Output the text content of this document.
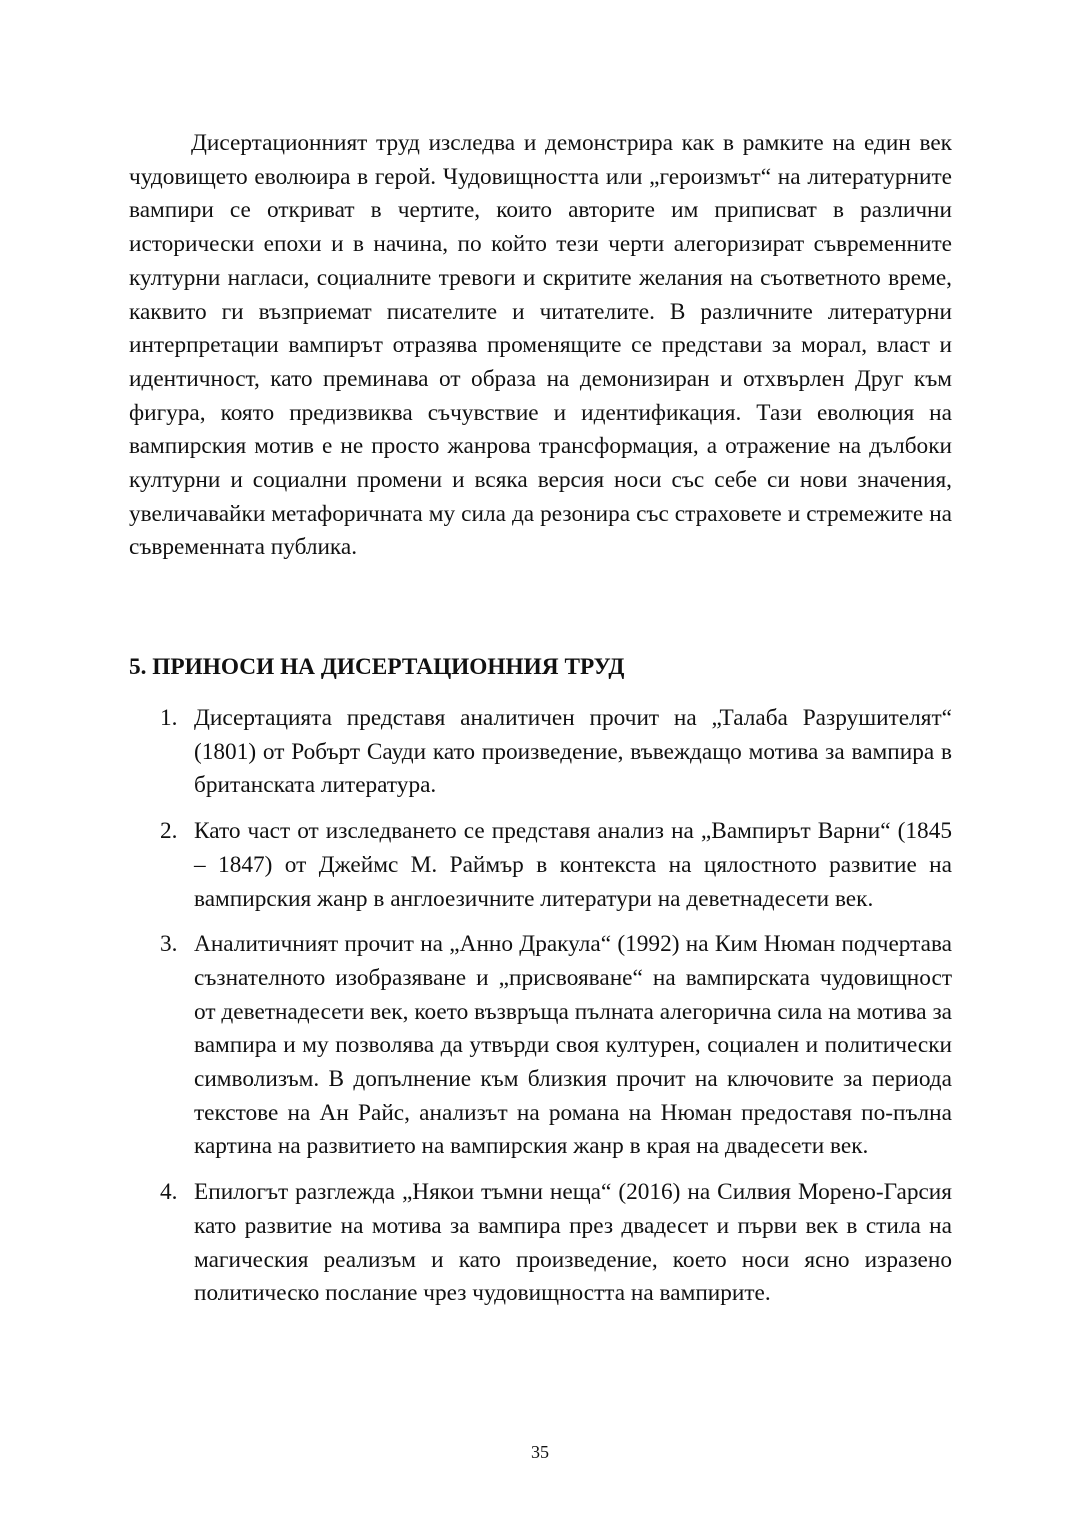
Дисертационният труд изследва и демонстрира как в рамките на един век чудовището еволюира в герой. Чудовищността или „героизмът“ на литературните вампири се откриват в чертите, които авторите им приписват в различни исторически епохи и в начина, по който тези черти алегоризират съвременните културни нагласи, социалните тревоги и скритите желания на съответното време, каквито ги възприемат писателите и читателите. В различните литературни интерпретации вампирът отразява променящите се представи за морал, власт и идентичност, като преминава от образа на демонизиран и отхвърлен Друг към фигура, която предизвиква съчувствие и идентификация. Тази еволюция на вампирския мотив е не просто жанрова трансформация, а отражение на дълбоки културни и социални промени и всяка версия носи със себе си нови значения, увеличавайки метафоричната му сила да резонира със страховете и стремежите на съвременната публика.

5. ПРИНОСИ НА ДИСЕРТАЦИОННИЯ ТРУД
1. Дисертацията представя аналитичен прочит на „Талаба Разрушителят“ (1801) от Робърт Сауди като произведение, въвеждащо мотива за вампира в британската литература.
2. Като част от изследването се представя анализ на „Вампирът Варни“ (1845 – 1847) от Джеймс М. Раймър в контекста на цялостното развитие на вампирския жанр в англоезичните литератури на деветнадесети век.
3. Аналитичният прочит на „Анно Дракула“ (1992) на Ким Нюман подчертава съзнателното изобразяване и „присвояване“ на вампирската чудовищност от деветнадесети век, което възвръща пълната алегорична сила на мотива за вампира и му позволява да утвърди своя културен, социален и политически символизъм. В допълнение към близкия прочит на ключовите за периода текстове на Ан Райс, анализът на романа на Нюман предоставя по-пълна картина на развитието на вампирския жанр в края на двадесети век.
4. Епилогът разглежда „Някои тъмни неща“ (2016) на Силвия Морено-Гарсия като развитие на мотива за вампира през двадесет и първи век в стила на магическия реализъм и като произведение, което носи ясно изразено политическо послание чрез чудовищността на вампирите.
35
